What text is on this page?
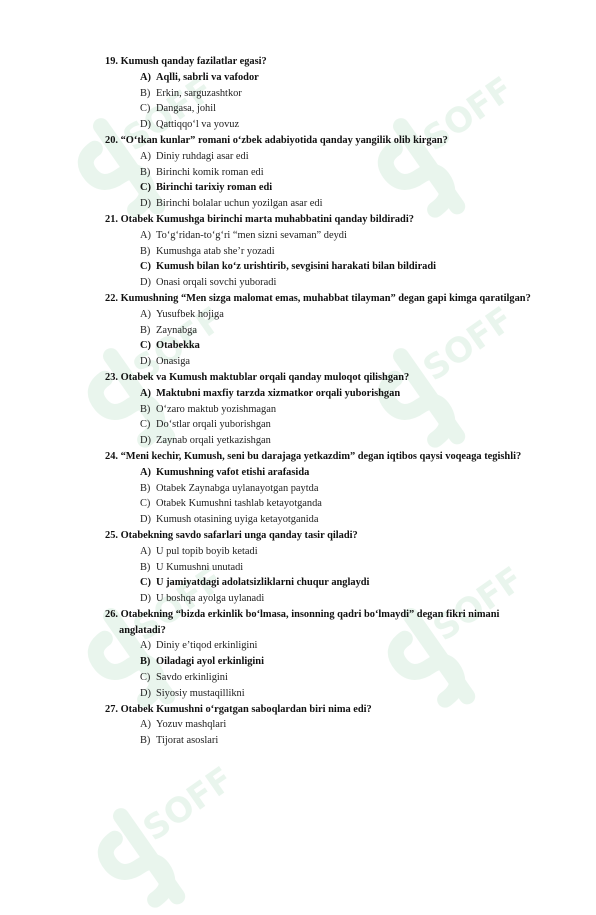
SOFF	SOFF
SOFF	SOFF
SOFF	SOFF
SOFF
19. Kumush qanday fazilatlar egasi?
A) Aqlli, sabrli va vafodor
B) Erkin, sarguzashtkor
C) Dangasa, johil
D) Qattiqqo‘l va yovuz
20. “O‘tkan kunlar” romani o‘zbek adabiyotida qanday yangilik olib kirgan?
A) Diniy ruhdagi asar edi
B) Birinchi komik roman edi
C) Birinchi tarixiy roman edi
D) Birinchi bolalar uchun yozilgan asar edi
21. Otabek Kumushga birinchi marta muhabbatini qanday bildiradi?
A) To‘g‘ridan-to‘g‘ri “men sizni sevaman” deydi
B) Kumushga atab she’r yozadi
C) Kumush bilan ko‘z urishtirib, sevgisini harakati bilan bildiradi
D) Onasi orqali sovchi yuboradi
22. Kumushning “Men sizga malomat emas, muhabbat tilayman” degan gapi kimga qaratilgan?
A) Yusufbek hojiga
B) Zaynabga
C) Otabekka
D) Onasiga
23. Otabek va Kumush maktublar orqali qanday muloqot qilishgan?
A) Maktubni maxfiy tarzda xizmatkor orqali yuborishgan
B) O‘zaro maktub yozishmagan
C) Do‘stlar orqali yuborishgan
D) Zaynab orqali yetkazishgan
24. “Meni kechir, Kumush, seni bu darajaga yetkazdim” degan iqtibos qaysi voqeaga tegishli?
A) Kumushning vafot etishi arafasida
B) Otabek Zaynabga uylanayotgan paytda
C) Otabek Kumushni tashlab ketayotganda
D) Kumush otasining uyiga ketayotganida
25. Otabekning savdo safarlari unga qanday tasir qiladi?
A) U pul topib boyib ketadi
B) U Kumushni unutadi
C) U jamiyatdagi adolatsizliklarni chuqur anglaydi
D) U boshqa ayolga uylanadi
26. Otabekning “bizda erkinlik bo‘lmasa, insonning qadri bo‘lmaydi” degan fikri nimani anglatadi?
A) Diniy e’tiqod erkinligini
B) Oiladagi ayol erkinligini
C) Savdo erkinligini
D) Siyosiy mustaqillikni
27. Otabek Kumushni o‘rgatgan saboqlardan biri nima edi?
A) Yozuv mashqlari
B) Tijorat asoslari
